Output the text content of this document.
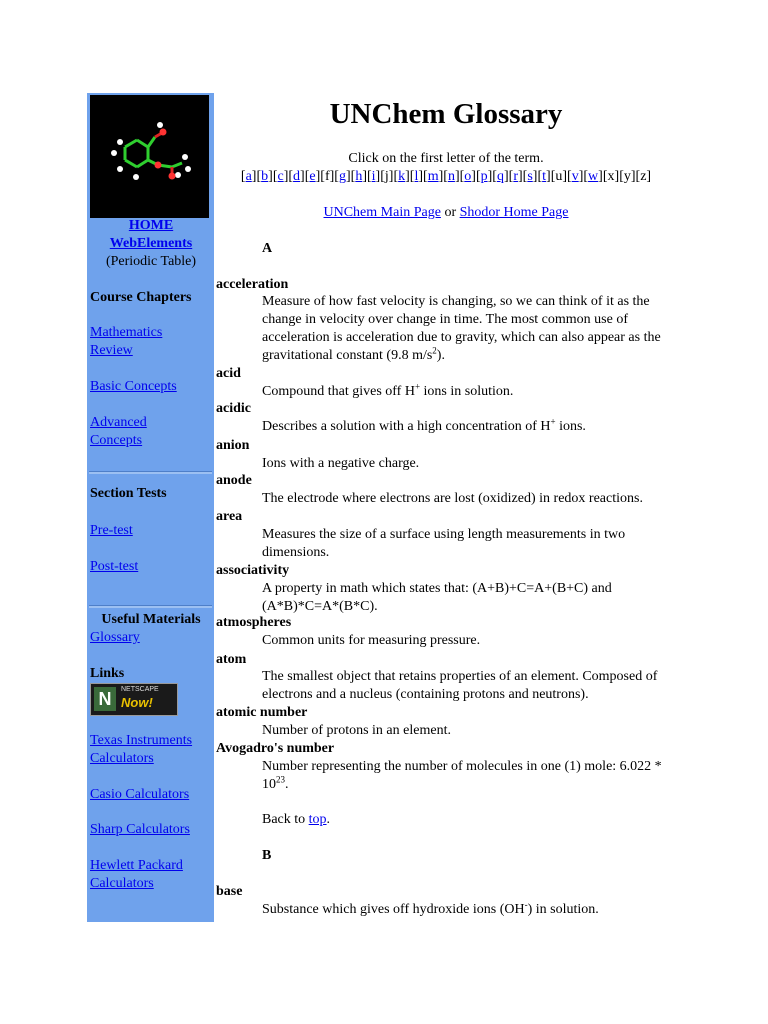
HOME
WebElements
(Periodic Table)
Course Chapters
Mathematics Review
Basic Concepts
Advanced Concepts
Section Tests
Pre-test
Post-test
Useful Materials
Glossary
Links
N	NETSCAPE
Now!
Texas Instruments Calculators
Casio Calculators
Sharp Calculators
Hewlett Packard Calculators
UNChem Glossary
Click on the first letter of the term.
[a][b][c][d][e][f][g][h][i][j][k][l][m][n][o][p][q][r][s][t][u][v][w][x][y][z]
UNChem Main Page or Shodor Home Page
A
acceleration
Measure of how fast velocity is changing, so we can think of it as the change in velocity over change in time. The most common use of acceleration is acceleration due to gravity, which can also appear as the gravitational constant (9.8 $m/s^2$).
acid
Compound that gives off H+ ions in solution.
acidic
Describes a solution with a high concentration of H+ ions.
anion
Ions with a negative charge.
anode
The electrode where electrons are lost (oxidized) in redox reactions.
area
Measures the size of a surface using length measurements in two dimensions.
associativity
A property in math which states that: (A+B)+C=A+(B+C) and (A*B)*C=A*(B*C).
atmospheres
Common units for measuring pressure.
atom
The smallest object that retains properties of an element. Composed of electrons and a nucleus (containing protons and neutrons).
atomic number
Number of protons in an element.
Avogadro's number
Number representing the number of molecules in one (1) mole: $6.022 * 10^{23}$.
Back to top.
B
base
Substance which gives off hydroxide ions (OH-) in solution.
